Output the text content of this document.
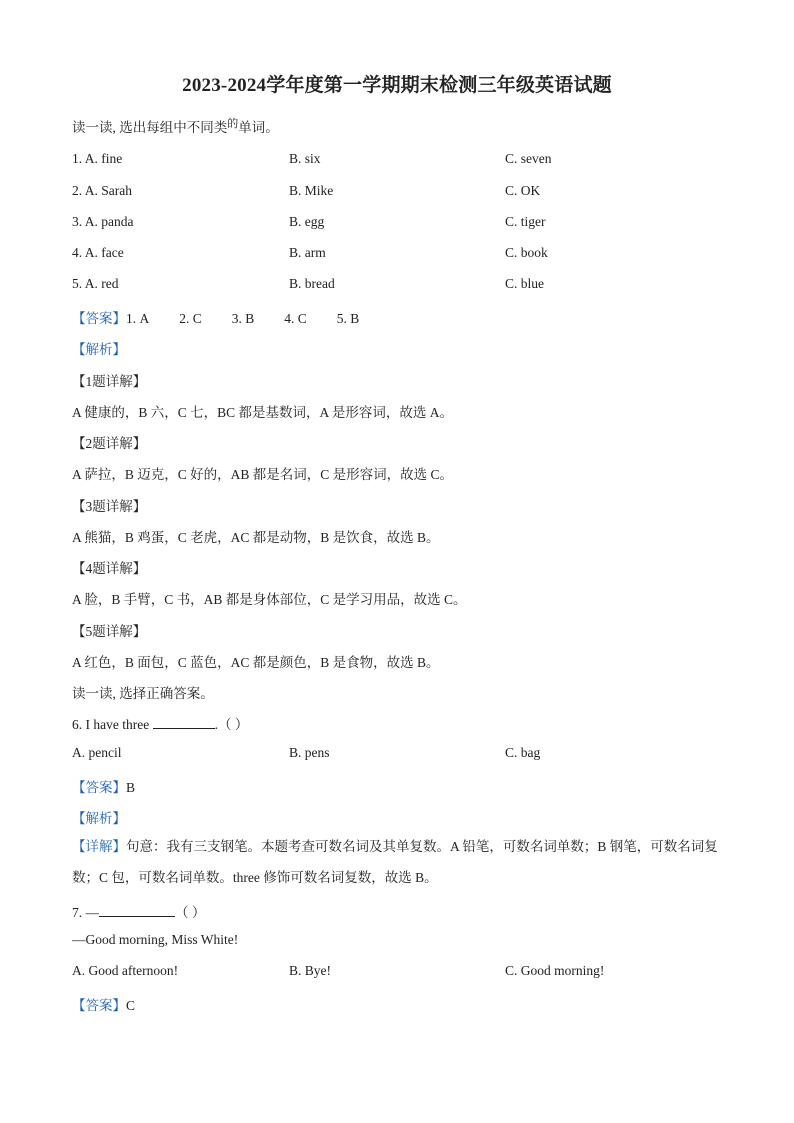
2023-2024学年度第一学期期末检测三年级英语试题
读一读, 选出每组中不同类$^的$单词。
1. A. fine	B. six	C. seven
2. A. Sarah	B. Mike	C. OK
3. A. panda	B. egg	C. tiger
4. A. face	B. arm	C. book
5. A. red	B. bread	C. blue
【答案】1. A 2. C 3. B 4. C 5. B
【解析】
【1题详解】
A 健康的，B 六，C 七，BC 都是基数词，A 是形容词，故选 A。
【2题详解】
A 萨拉，B 迈克，C 好的，AB 都是名词，C 是形容词，故选 C。
【3题详解】
A 熊猫，B 鸡蛋，C 老虎，AC 都是动物，B 是饮食，故选 B。
【4题详解】
A 脸，B 手臂，C 书，AB 都是身体部位，C 是学习用品，故选 C。
【5题详解】
A 红色，B 面包，C 蓝色，AC 都是颜色，B 是食物，故选 B。
读一读, 选择正确答案。
6. I have three	.（ ）
A. pencil	B. pens	C. bag
【答案】B
【解析】
【详解】句意：我有三支钢笔。本题考查可数名词及其单复数。A 铅笔，可数名词单数；B 钢笔，可数名词复数；C 包，可数名词单数。three 修饰可数名词复数，故选 B。
7. —	（ ）
—Good morning, Miss White!
A. Good afternoon!	B. Bye!	C. Good morning!
【答案】C
